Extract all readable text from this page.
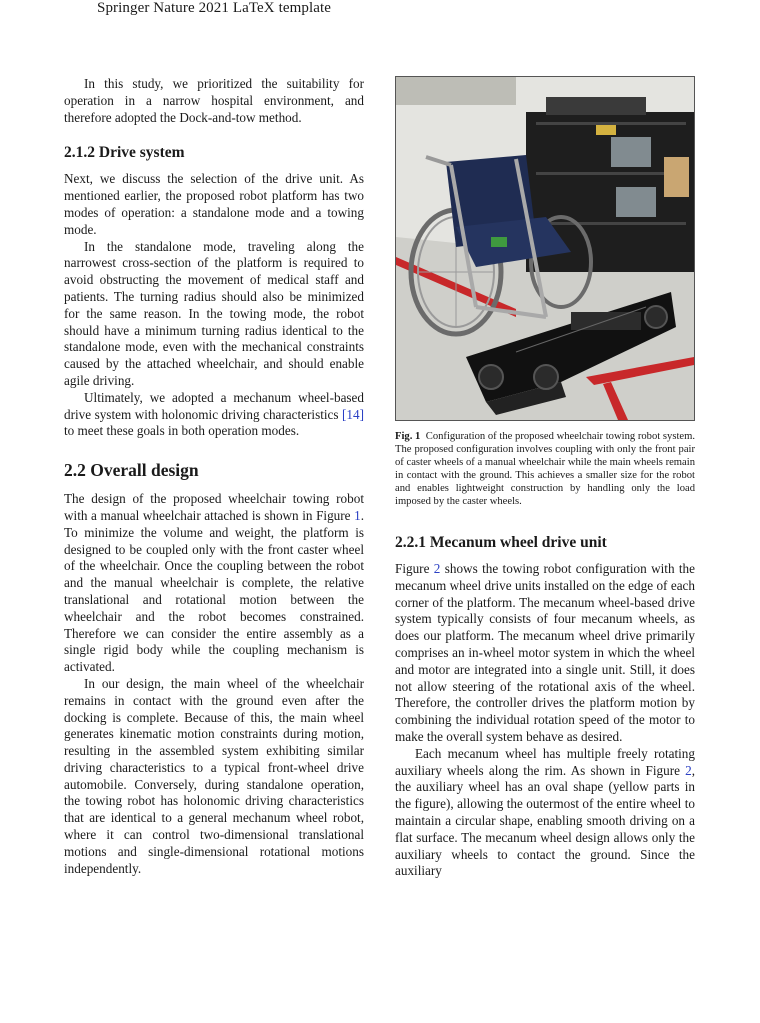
Springer Nature 2021 LaTeX template

In this study, we prioritized the suitability for operation in a narrow hospital environment, and therefore adopted the Dock-and-tow method.

2.1.2 Drive system

Next, we discuss the selection of the drive unit. As mentioned earlier, the proposed robot platform has two modes of operation: a standalone mode and a towing mode.

In the standalone mode, traveling along the narrowest cross-section of the platform is required to avoid obstructing the movement of medical staff and patients. The turning radius should also be minimized for the same reason. In the towing mode, the robot should have a minimum turning radius identical to the standalone mode, even with the mechanical constraints caused by the attached wheelchair, and should enable agile driving.

Ultimately, we adopted a mechanum wheel-based drive system with holonomic driving characteristics [14] to meet these goals in both operation modes.

2.2 Overall design

The design of the proposed wheelchair towing robot with a manual wheelchair attached is shown in Figure 1. To minimize the volume and weight, the platform is designed to be coupled only with the front caster wheel of the wheelchair. Once the coupling between the robot and the manual wheelchair is complete, the relative translational and rotational motion between the wheelchair and the robot becomes constrained. Therefore we can consider the entire assembly as a single rigid body while the coupling mechanism is activated.

In our design, the main wheel of the wheelchair remains in contact with the ground even after the docking is complete. Because of this, the main wheel generates kinematic motion constraints during motion, resulting in the assembled system exhibiting similar driving characteristics to a typical front-wheel drive automobile. Conversely, during standalone operation, the towing robot has holonomic driving characteristics that are identical to a general mechanum wheel robot, where it can control two-dimensional translational motions and single-dimensional rotational motions independently.

Fig. 1 Configuration of the proposed wheelchair towing robot system. The proposed configuration involves coupling with only the front pair of caster wheels of a manual wheelchair while the main wheels remain in contact with the ground. This achieves a smaller size for the robot and enables lightweight construction by handling only the load imposed by the caster wheels.
2.2.1 Mecanum wheel drive unit

Figure 2 shows the towing robot configuration with the mecanum wheel drive units installed on the edge of each corner of the platform. The mecanum wheel-based drive system typically consists of four mecanum wheels, as does our platform. The mecanum wheel drive primarily comprises an in-wheel motor system in which the wheel and motor are integrated into a single unit. Still, it does not allow steering of the rotational axis of the wheel. Therefore, the controller drives the platform motion by combining the individual rotation speed of the motor to make the overall system behave as desired.

Each mecanum wheel has multiple freely rotating auxiliary wheels along the rim. As shown in Figure 2, the auxiliary wheel has an oval shape (yellow parts in the figure), allowing the outermost of the entire wheel to maintain a circular shape, enabling smooth driving on a flat surface. The mecanum wheel design allows only the auxiliary wheels to contact the ground. Since the auxiliary
